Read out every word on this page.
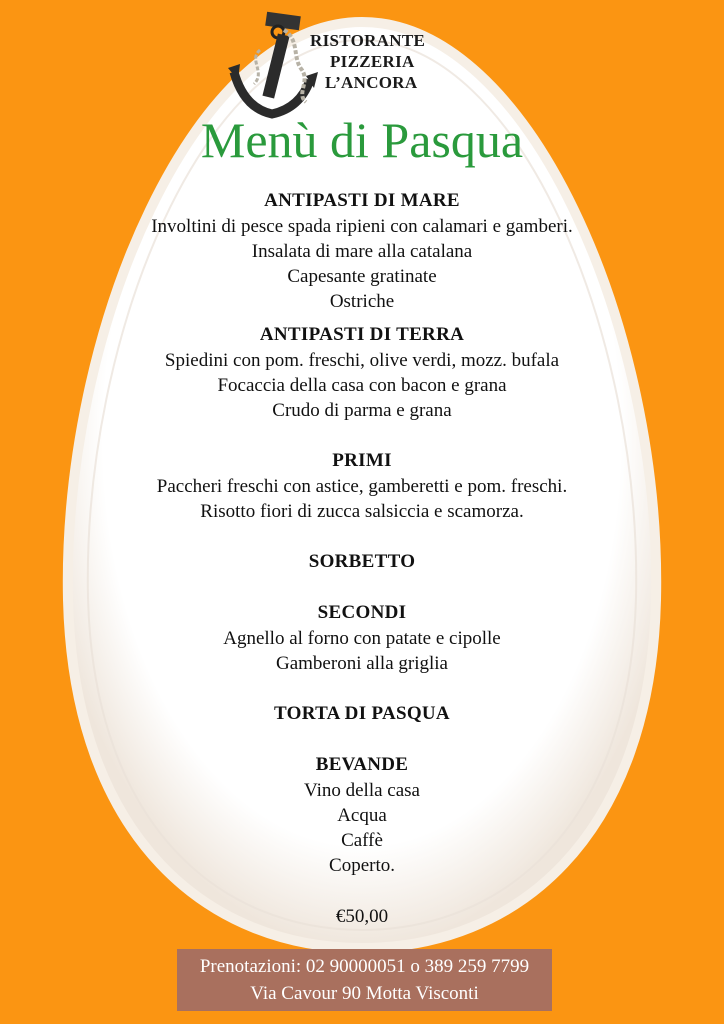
RISTORANTE
PIZZERIA
L’ANCORA
Menù di Pasqua
ANTIPASTI DI MARE
Involtini di pesce spada ripieni con calamari e gamberi.
Insalata di mare alla catalana
Capesante gratinate
Ostriche
ANTIPASTI DI TERRA
Spiedini con pom. freschi, olive verdi, mozz. bufala
Focaccia della casa con bacon e grana
Crudo di parma e grana
PRIMI
Paccheri freschi con astice, gamberetti e pom. freschi.
Risotto fiori di zucca salsiccia e scamorza.
SORBETTO
SECONDI
Agnello al forno con patate e cipolle
Gamberoni alla griglia
TORTA DI PASQUA
BEVANDE
Vino della casa
Acqua
Caffè
Coperto.
€50,00
Prenotazioni: 02 90000051 o 389 259 7799
Via Cavour 90 Motta Visconti
